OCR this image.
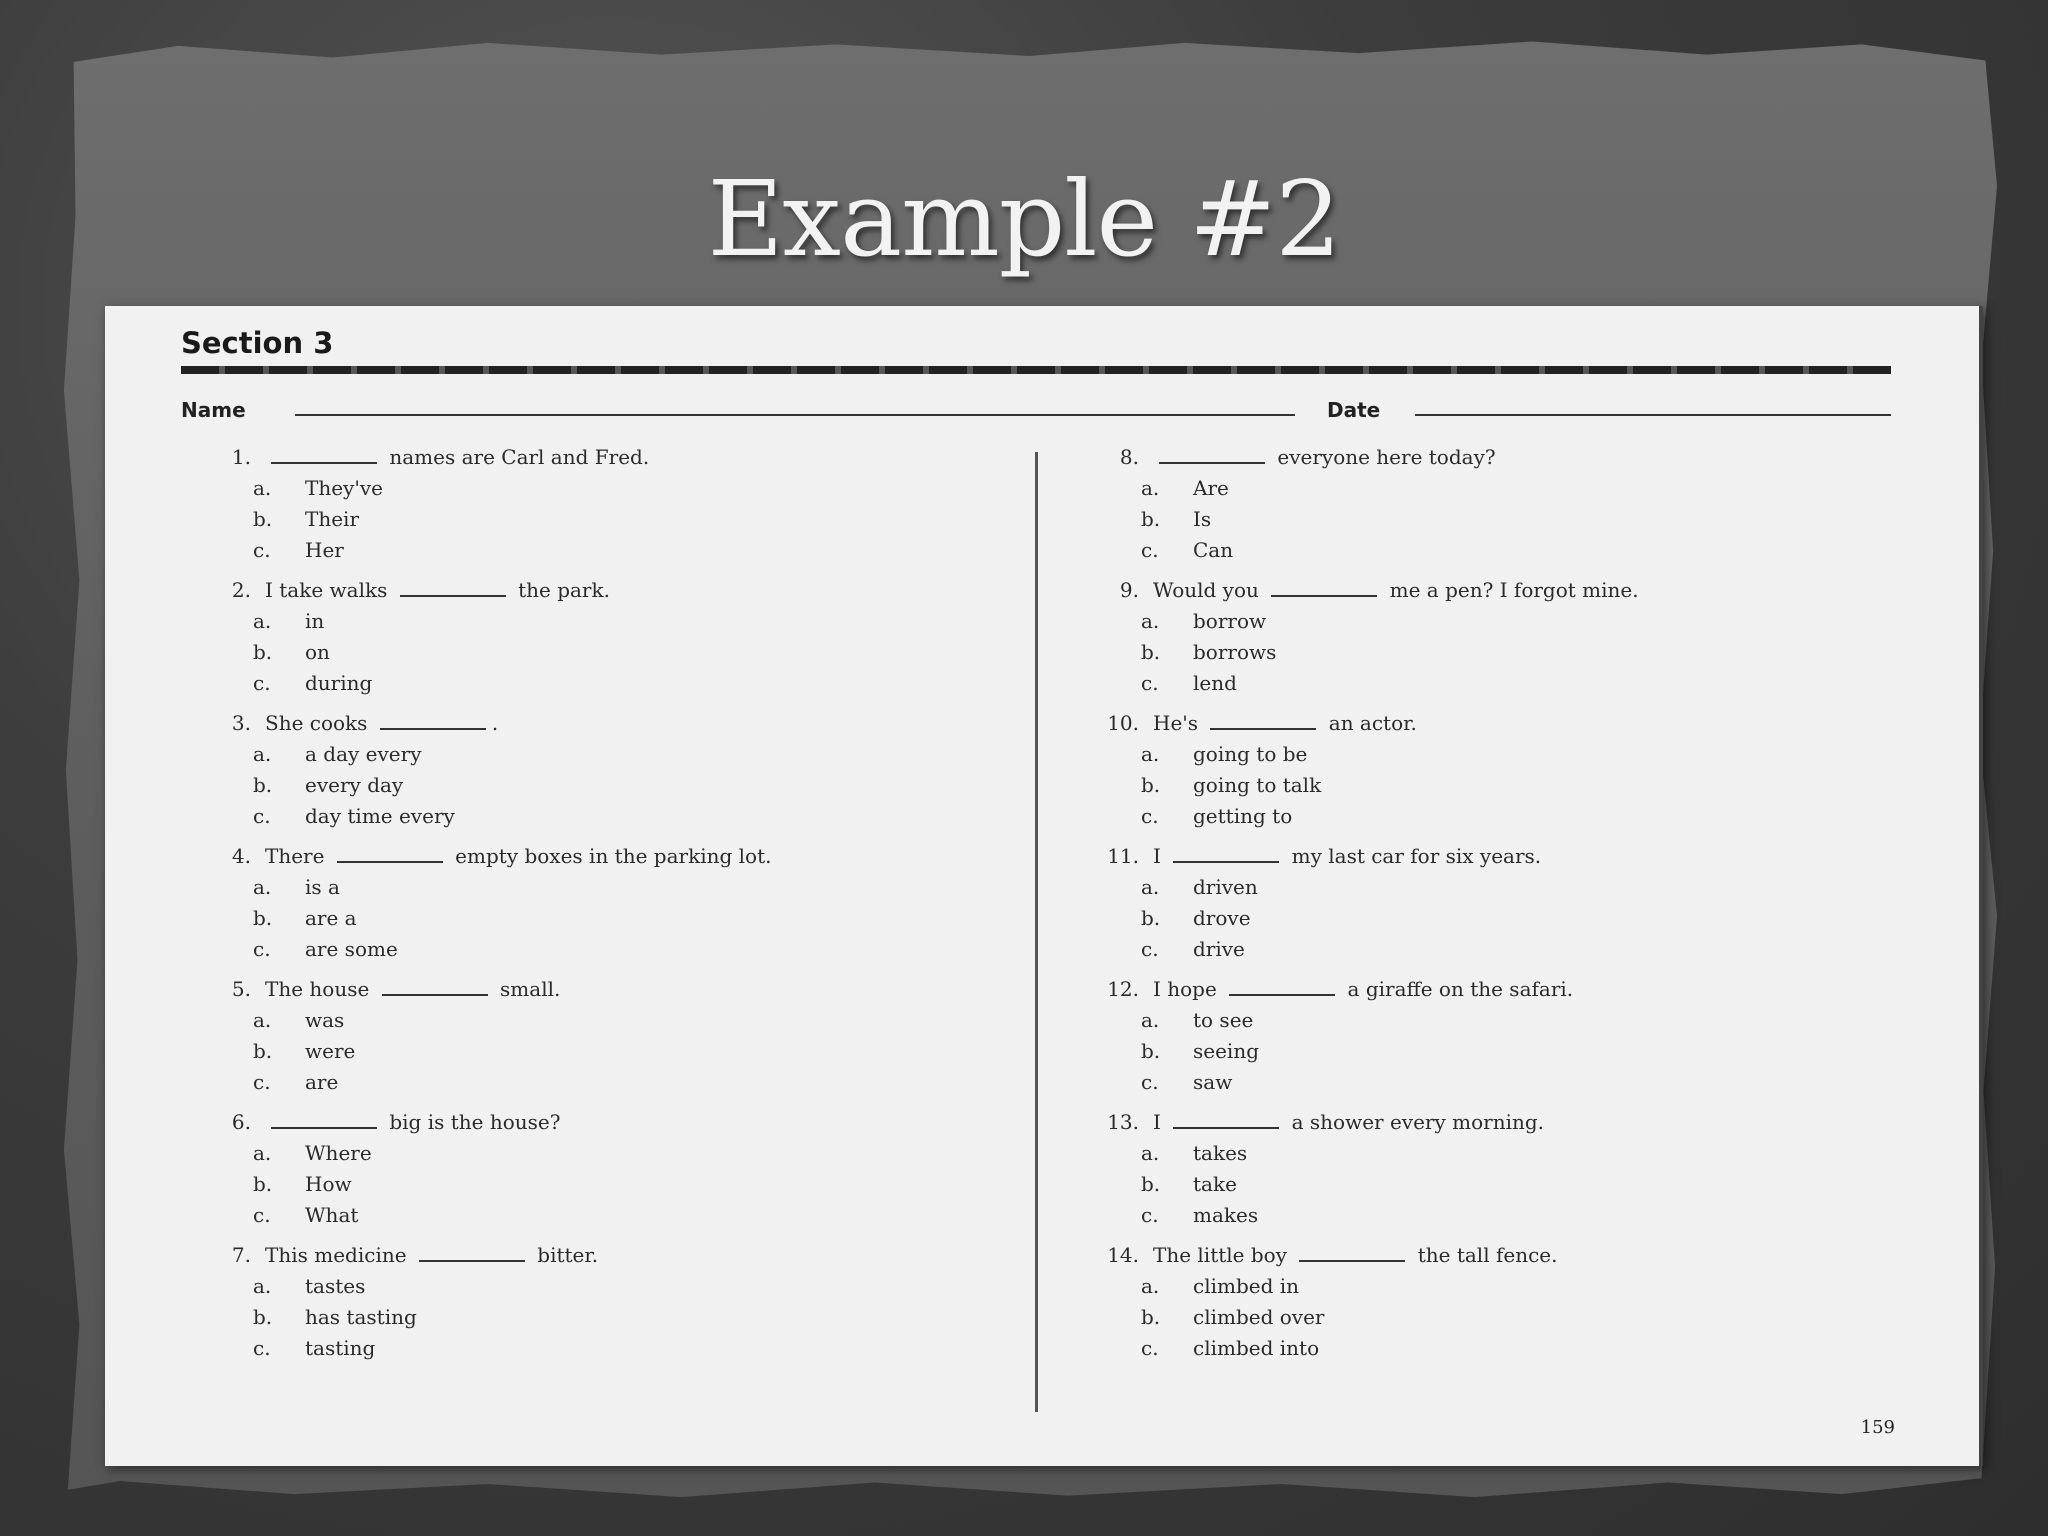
Example #2
Section 3
Name	Date
1.	names are Carl and Fred.
a.	They've
b.	Their
c.	Her
2. I take walks	the park.
a.	in
b.	on
c.	during
3. She cooks	.
a.	a day every
b.	every day
c.	day time every
4. There	empty boxes in the parking lot.
a.	is a
b.	are a
c.	are some
5. The house	small.
a.	was
b.	were
c.	are
6.	big is the house?
a.	Where
b.	How
c.	What
7. This medicine	bitter.
a.	tastes
b.	has tasting
c.	tasting
8.	everyone here today?
a.	Are
b.	Is
c.	Can
9. Would you	me a pen? I forgot mine.
a.	borrow
b.	borrows
c.	lend
10. He's	an actor.
a.	going to be
b.	going to talk
c.	getting to
11. I	my last car for six years.
a.	driven
b.	drove
c.	drive
12. I hope	a giraffe on the safari.
a.	to see
b.	seeing
c.	saw
13. I	a shower every morning.
a.	takes
b.	take
c.	makes
14. The little boy	the tall fence.
a.	climbed in
b.	climbed over
c.	climbed into
159
